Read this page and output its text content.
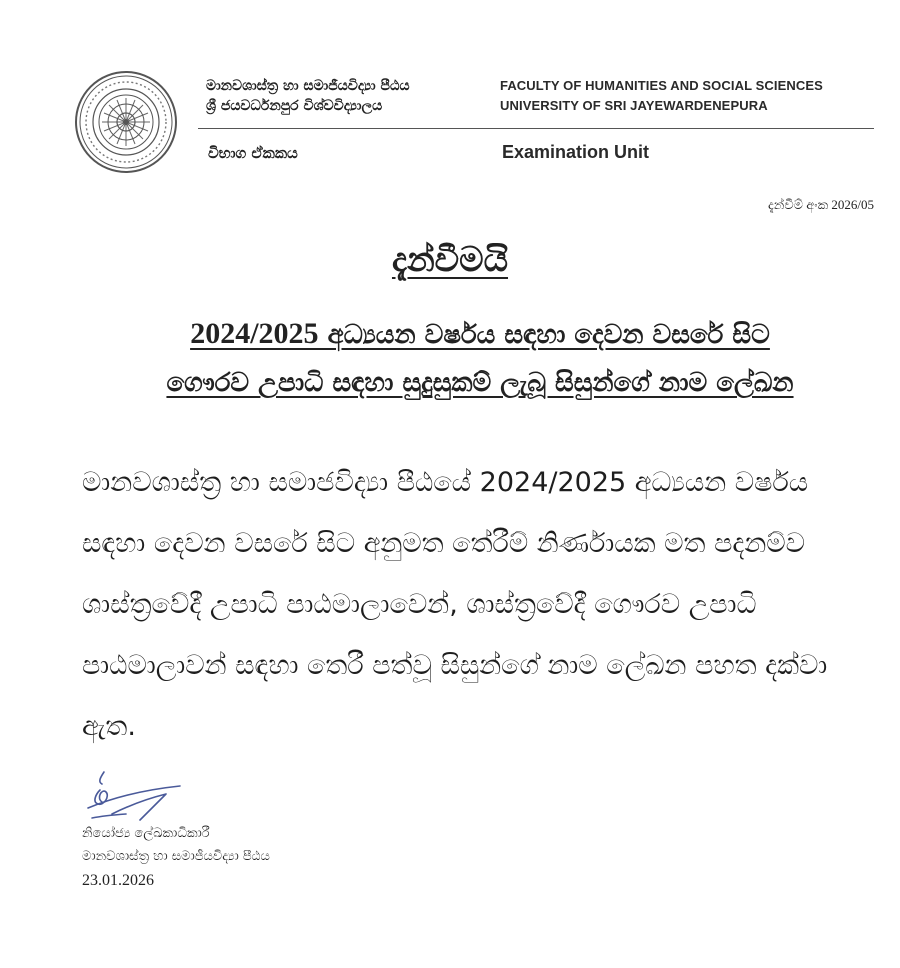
මානවශාස්ත්‍ර හා සමාජීයවිද්‍යා පීඨය
ශ්‍රී ජයවර්ධනපුර විශ්වවිද්‍යාලය
FACULTY OF HUMANITIES AND SOCIAL SCIENCES
UNIVERSITY OF SRI JAYEWARDENEPURA
විභාග ඒකකය	Examination Unit
දැන්වීම් අංක 2026/05
දැන්වීමයි
2024/2025 අධ්‍යයන වර්ෂය සඳහා දෙවන වසරේ සිට
ගෞරව උපාධි සඳහා සුදුසුකම් ලැබූ සිසුන්ගේ නාම ලේඛන
මානවශාස්ත්‍ර හා සමාජවිද්‍යා පීඨයේ 2024/2025 අධ්‍යයන වර්ෂය සඳහා දෙවන වසරේ සිට අනුමත තේරීම් නිර්ණායක මත පදනම්ව ශාස්ත්‍රවේදී උපාධි පාඨමාලාවෙන්, ශාස්ත්‍රවේදී ගෞරව උපාධි පාඨමාලාවන් සඳහා තෙරී පත්වූ සිසුන්ගේ නාම ලේඛන පහත දක්වා ඇත.
නියෝජ්‍ය ලේඛකාධිකාරී
මානවශාස්ත්‍ර හා සමාජීයවිද්‍යා පීඨය
23.01.2026
